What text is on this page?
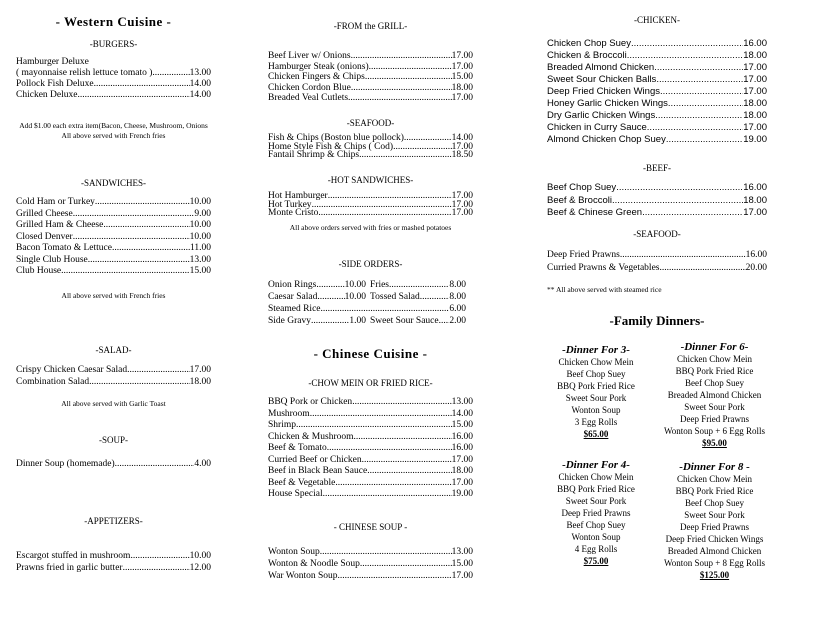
- Western Cuisine -
-BURGERS-
Hamburger Deluxe
( mayonnaise relish lettuce tomato ) .....	13.00
Pollock Fish Deluxe .....	14.00
Chicken Deluxe .....	14.00
Add $1.00 each extra item(Bacon, Cheese, Mushroom, Onions
All above served with French fries
-SANDWICHES-
Cold Ham or Turkey .....	10.00
Grilled Cheese .....	9.00
Grilled Ham & Cheese .....	10.00
Closed Denver .....	10.00
Bacon Tomato & Lettuce .....	11.00
Single Club House .....	13.00
Club House .....	15.00
All above served with French fries
-SALAD-
Crispy Chicken Caesar Salad .....	17.00
Combination Salad .....	18.00
All above served with Garlic Toast
-SOUP-
Dinner Soup (homemade) .....	4.00
-APPETIZERS-
Escargot stuffed in mushroom .....	10.00
Prawns fried in garlic butter .....	12.00
-FROM the GRILL-
Beef Liver w/ Onions .....	17.00
Hamburger Steak (onions) .....	17.00
Chicken Fingers & Chips .....	15.00
Chicken Cordon Blue .....	18.00
Breaded Veal Cutlets .....	17.00
-SEAFOOD-
Fish & Chips (Boston blue pollock) .....	14.00
Home Style Fish & Chips ( Cod) .....	17.00
Fantail Shrimp & Chips .....	18.50
-HOT SANDWICHES-
Hot Hamburger .....	17.00
Hot Turkey .....	17.00
Monte Cristo .....	17.00
All above orders served with fries or mashed potatoes
-SIDE ORDERS-
Onion Rings .....	10.00 Fries .....	8.00
Caesar Salad .....	10.00 Tossed Salad .....	8.00
Steamed Rice .....	6.00
Side Gravy .....	1.00 Sweet Sour Sauce ..... 2.00
- Chinese Cuisine -
-CHOW MEIN OR FRIED RICE-
BBQ Pork or Chicken .....	13.00
Mushroom .....	14.00
Shrimp .....	15.00
Chicken & Mushroom .....	16.00
Beef & Tomato .....	16.00
Curried Beef or Chicken .....	17.00
Beef in Black Bean Sauce .....	18.00
Beef & Vegetable .....	17.00
House Special .....	19.00
- CHINESE SOUP -
Wonton Soup .....	13.00
Wonton & Noodle Soup .....	15.00
War Wonton Soup .....	17.00
-CHICKEN-
Chicken Chop Suey .....	16.00
Chicken & Broccoli .....	18.00
Breaded Almond Chicken .....	17.00
Sweet Sour Chicken Balls .....	17.00
Deep Fried Chicken Wings .....	17.00
Honey Garlic Chicken Wings .....	18.00
Dry Garlic Chicken Wings .....	18.00
Chicken in Curry Sauce .....	17.00
Almond Chicken Chop Suey .....	19.00
-BEEF-
Beef Chop Suey .....	16.00
Beef & Broccoli .....	18.00
Beef & Chinese Green .....	17.00
-SEAFOOD-
Deep Fried Prawns .....	16.00
Curried Prawns & Vegetables .....	20.00
** All above served with steamed rice
-Family Dinners-
-Dinner For 3-
Chicken Chow Mein
Beef Chop Suey
BBQ Pork Fried Rice
Sweet Sour Pork
Wonton Soup
3 Egg Rolls
$65.00
-Dinner For 6-
Chicken Chow Mein
BBQ Pork Fried Rice
Beef Chop Suey
Breaded Almond Chicken
Sweet Sour Pork
Deep Fried Prawns
Wonton Soup + 6 Egg Rolls
$95.00
-Dinner For 4-
Chicken Chow Mein
BBQ Pork Fried Rice
Sweet Sour Pork
Deep Fried Prawns
Beef Chop Suey
Wonton Soup
4 Egg Rolls
$75.00
-Dinner For 8 -
Chicken Chow Mein
BBQ Pork Fried Rice
Beef Chop Suey
Sweet Sour Pork
Deep Fried Prawns
Deep Fried Chicken Wings
Breaded Almond Chicken
Wonton Soup + 8 Egg Rolls
$125.00
